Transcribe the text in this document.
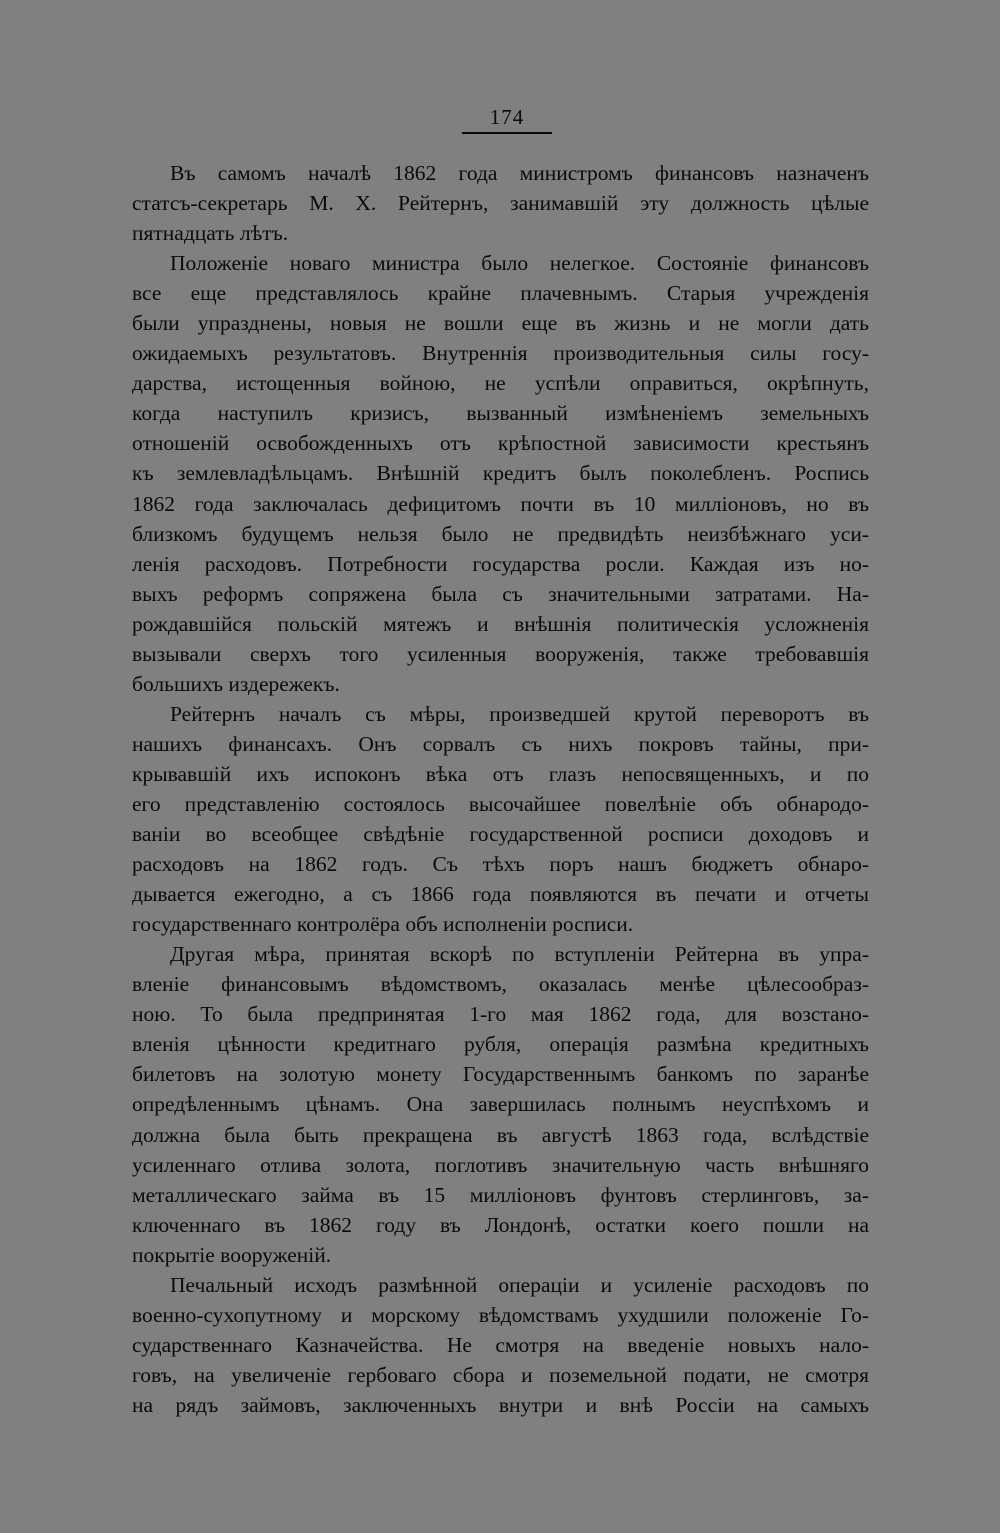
174
Въ самомъ началѣ 1862 года министромъ финансовъ назначенъ
статсъ-секретарь М. Х. Рейтернъ, занимавшій эту должность цѣлые
пятнадцать лѣтъ.
Положеніе новаго министра было нелегкое. Состояніе финансовъ
все еще представлялось крайне плачевнымъ. Старыя учрежденія
были упразднены, новыя не вошли еще въ жизнь и не могли дать
ожидаемыхъ результатовъ. Внутреннія производительныя силы госу-
дарства, истощенныя войною, не успѣли оправиться, окрѣпнуть,
когда наступилъ кризисъ, вызванный измѣненіемъ земельныхъ
отношеній освобожденныхъ отъ крѣпостной зависимости крестьянъ
къ землевладѣльцамъ. Внѣшній кредитъ былъ поколебленъ. Роспись
1862 года заключалась дефицитомъ почти въ 10 милліоновъ, но въ
близкомъ будущемъ нельзя было не предвидѣть неизбѣжнаго уси-
ленія расходовъ. Потребности государства росли. Каждая изъ но-
выхъ реформъ сопряжена была съ значительными затратами. На-
рождавшійся польскій мятежъ и внѣшнія политическія усложненія
вызывали сверхъ того усиленныя вооруженія, также требовавшія
большихъ издережекъ.
Рейтернъ началъ съ мѣры, произведшей крутой переворотъ въ
нашихъ финансахъ. Онъ сорвалъ съ нихъ покровъ тайны, при-
крывавшій ихъ испоконъ вѣка отъ глазъ непосвященныхъ, и по
его представленію состоялось высочайшее повелѣніе объ обнародо-
ваніи во всеобщее свѣдѣніе государственной росписи доходовъ и
расходовъ на 1862 годъ. Съ тѣхъ поръ нашъ бюджетъ обнаро-
дывается ежегодно, а съ 1866 года появляются въ печати и отчеты
государственнаго контролёра объ исполненіи росписи.
Другая мѣра, принятая вскорѣ по вступленіи Рейтерна въ упра-
вленіе финансовымъ вѣдомствомъ, оказалась менѣе цѣлесообраз-
ною. То была предпринятая 1-го мая 1862 года, для возстано-
вленія цѣнности кредитнаго рубля, операція размѣна кредитныхъ
билетовъ на золотую монету Государственнымъ банкомъ по заранѣе
опредѣленнымъ цѣнамъ. Она завершилась полнымъ неуспѣхомъ и
должна была быть прекращена въ августѣ 1863 года, вслѣдствіе
усиленнаго отлива золота, поглотивъ значительную часть внѣшняго
металлическаго займа въ 15 милліоновъ фунтовъ стерлинговъ, за-
ключеннаго въ 1862 году въ Лондонѣ, остатки коего пошли на
покрытіе вооруженій.
Печальный исходъ размѣнной операціи и усиленіе расходовъ по
военно-сухопутному и морскому вѣдомствамъ ухудшили положеніе Го-
сударственнаго Казначейства. Не смотря на введеніе новыхъ нало-
говъ, на увеличеніе гербоваго сбора и поземельной подати, не смотря
на рядъ займовъ, заключенныхъ внутри и внѣ Россіи на самыхъ
